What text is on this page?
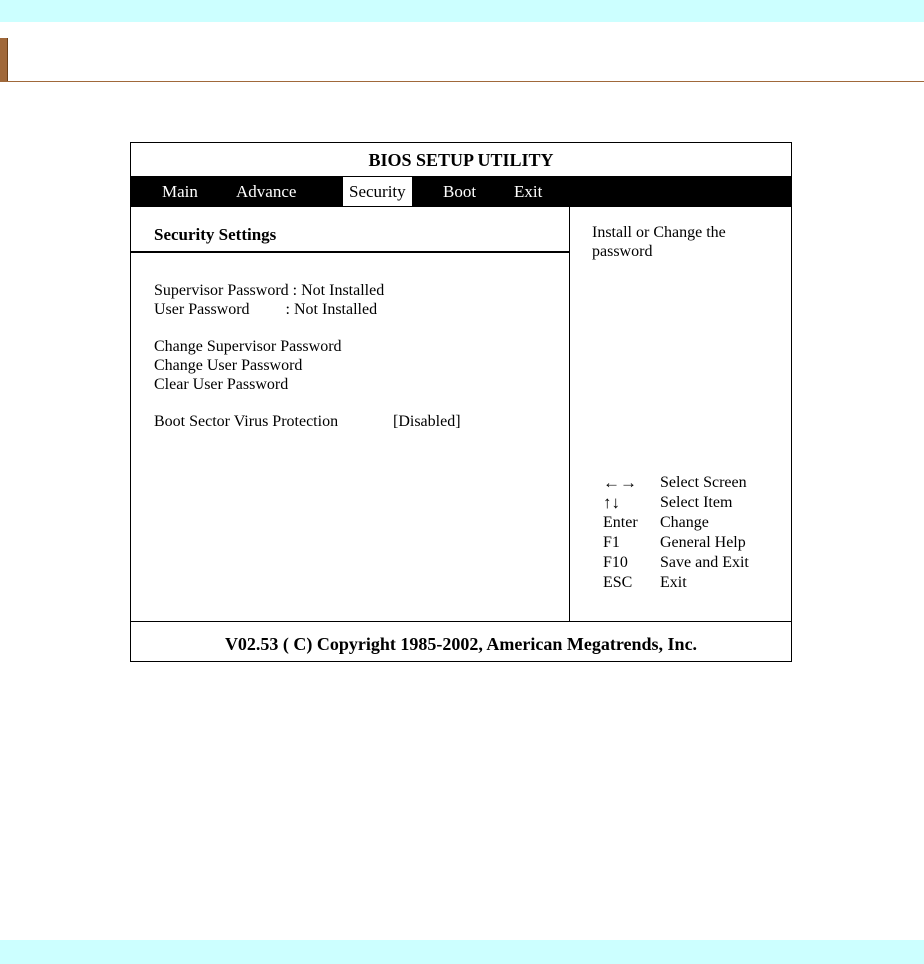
BIOS SETUP UTILITY
Main Advance	Security	Boot Exit
Security Settings
Supervisor Password : Not Installed
User Password         : Not Installed
Change Supervisor Password
Change User Password
Clear User Password
Boot Sector Virus Protection	[Disabled]
Install or Change the password
←→	Select Screen
↑↓	Select Item
Enter	Change
F1	General Help
F10	Save and Exit
ESC	Exit
V02.53 ( C) Copyright 1985-2002, American Megatrends, Inc.
